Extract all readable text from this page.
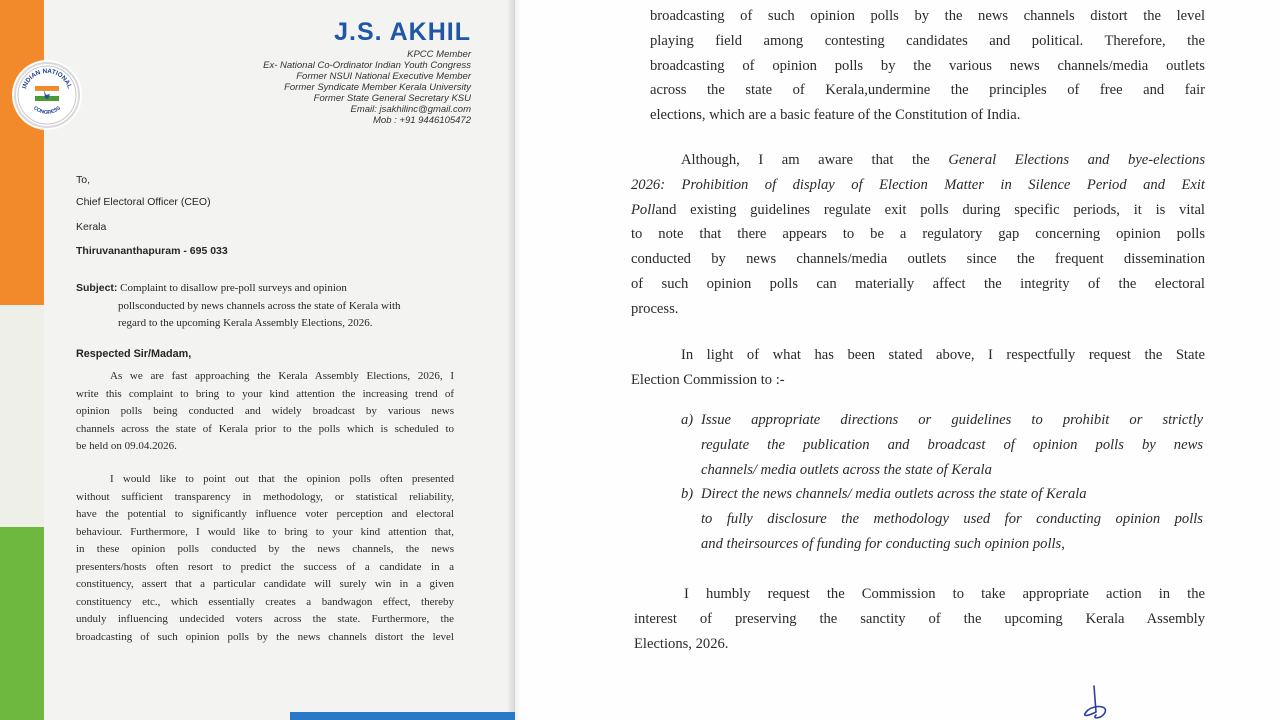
INDIAN NATIONAL
CONGRESS
J.S. AKHIL
KPCC Member
Ex- National Co-Ordinator Indian Youth Congress
Former NSUI National Executive Member
Former Syndicate Member Kerala University
Former State General Secretary KSU
Email: jsakhilinc@gmail.com
Mob : +91 9446105472
To,
Chief Electoral Officer (CEO)
Kerala
Thiruvananthapuram - 695 033
Subject: Complaint to disallow pre-poll surveys and opinion
pollsconducted by news channels across the state of Kerala with
regard to the upcoming Kerala Assembly Elections, 2026.
Respected Sir/Madam,

As we are fast approaching the Kerala Assembly Elections, 2026, I
write this complaint to bring to your kind attention the increasing trend of
opinion polls being conducted and widely broadcast by various news
channels across the state of Kerala prior to the polls which is scheduled to
be held on 09.04.2026.

I would like to point out that the opinion polls often presented
without sufficient transparency in methodology, or statistical reliability,
have the potential to significantly influence voter perception and electoral
behaviour. Furthermore, I would like to bring to your kind attention that,
in these opinion polls conducted by the news channels, the news
presenters/hosts often resort to predict the success of a candidate in a
constituency, assert that a particular candidate will surely win in a given
constituency etc., which essentially creates a bandwagon effect, thereby
unduly influencing undecided voters across the state. Furthermore, the
broadcasting of such opinion polls by the news channels distort the level

broadcasting of such opinion polls by the news channels distort the level
playing field among contesting candidates and political. Therefore, the
broadcasting of opinion polls by the various news channels/media outlets
across the state of Kerala,undermine the principles of free and fair
elections, which are a basic feature of the Constitution of India.

Although, I am aware that the General Elections and bye-elections
2026: Prohibition of display of Election Matter in Silence Period and Exit
Polland existing guidelines regulate exit polls during specific periods, it is vital
to note that there appears to be a regulatory gap concerning opinion polls
conducted by news channels/media outlets since the frequent dissemination
of such opinion polls can materially affect the integrity of the electoral
process.

In light of what has been stated above, I respectfully request the State
Election Commission to :-

a) Issue appropriate directions or guidelines to prohibit or strictly
regulate the publication and broadcast of opinion polls by news
channels/ media outlets across the state of Kerala
b) Direct the news channels/ media outlets across the state of Kerala
to fully disclosure the methodology used for conducting opinion polls
and theirsources of funding for conducting such opinion polls,

I humbly request the Commission to take appropriate action in the
interest of preserving the sanctity of the upcoming Kerala Assembly
Elections, 2026.
